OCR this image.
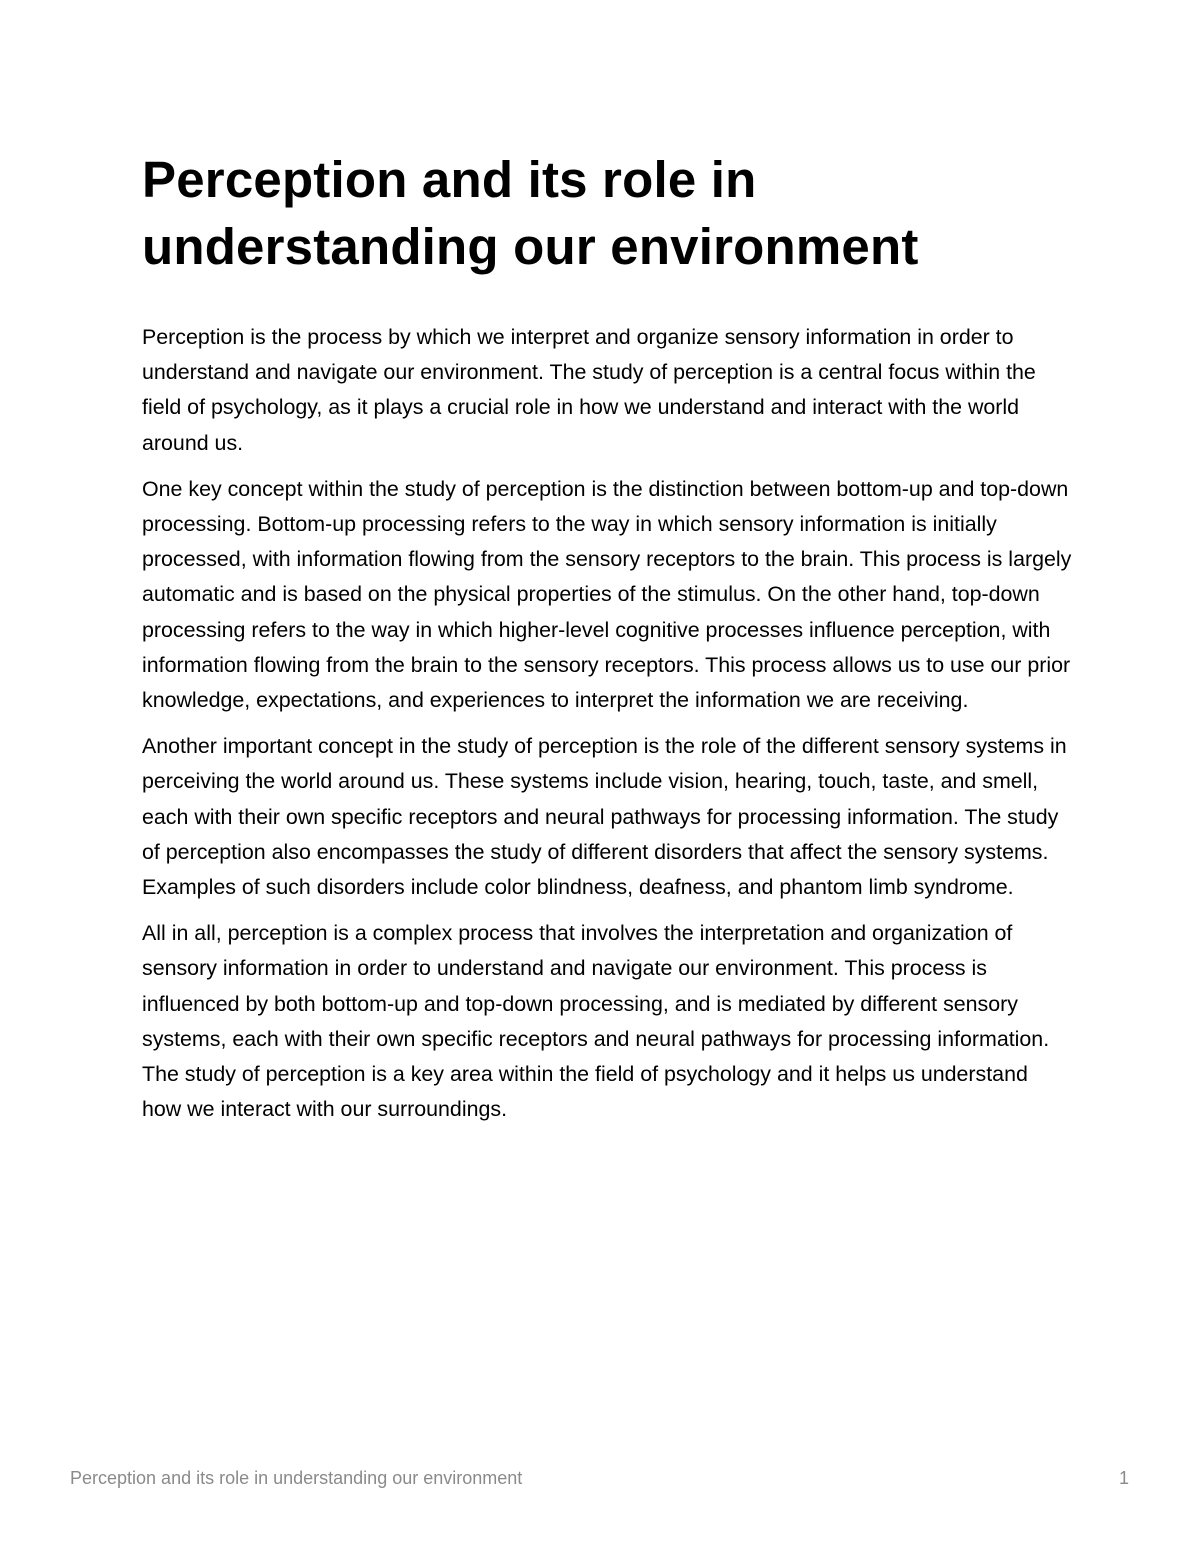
Perception and its role in
understanding our environment

Perception is the process by which we interpret and organize sensory information in order to understand and navigate our environment. The study of perception is a central focus within the field of psychology, as it plays a crucial role in how we understand and interact with the world around us.

One key concept within the study of perception is the distinction between bottom-up and top-down processing. Bottom-up processing refers to the way in which sensory information is initially processed, with information flowing from the sensory receptors to the brain. This process is largely automatic and is based on the physical properties of the stimulus. On the other hand, top-down processing refers to the way in which higher-level cognitive processes influence perception, with information flowing from the brain to the sensory receptors. This process allows us to use our prior knowledge, expectations, and experiences to interpret the information we are receiving.

Another important concept in the study of perception is the role of the different sensory systems in perceiving the world around us. These systems include vision, hearing, touch, taste, and smell, each with their own specific receptors and neural pathways for processing information. The study of perception also encompasses the study of different disorders that affect the sensory systems. Examples of such disorders include color blindness, deafness, and phantom limb syndrome.

All in all, perception is a complex process that involves the interpretation and organization of sensory information in order to understand and navigate our environment. This process is influenced by both bottom-up and top-down processing, and is mediated by different sensory systems, each with their own specific receptors and neural pathways for processing information. The study of perception is a key area within the field of psychology and it helps us understand how we interact with our surroundings.

Perception and its role in understanding our environment	1
